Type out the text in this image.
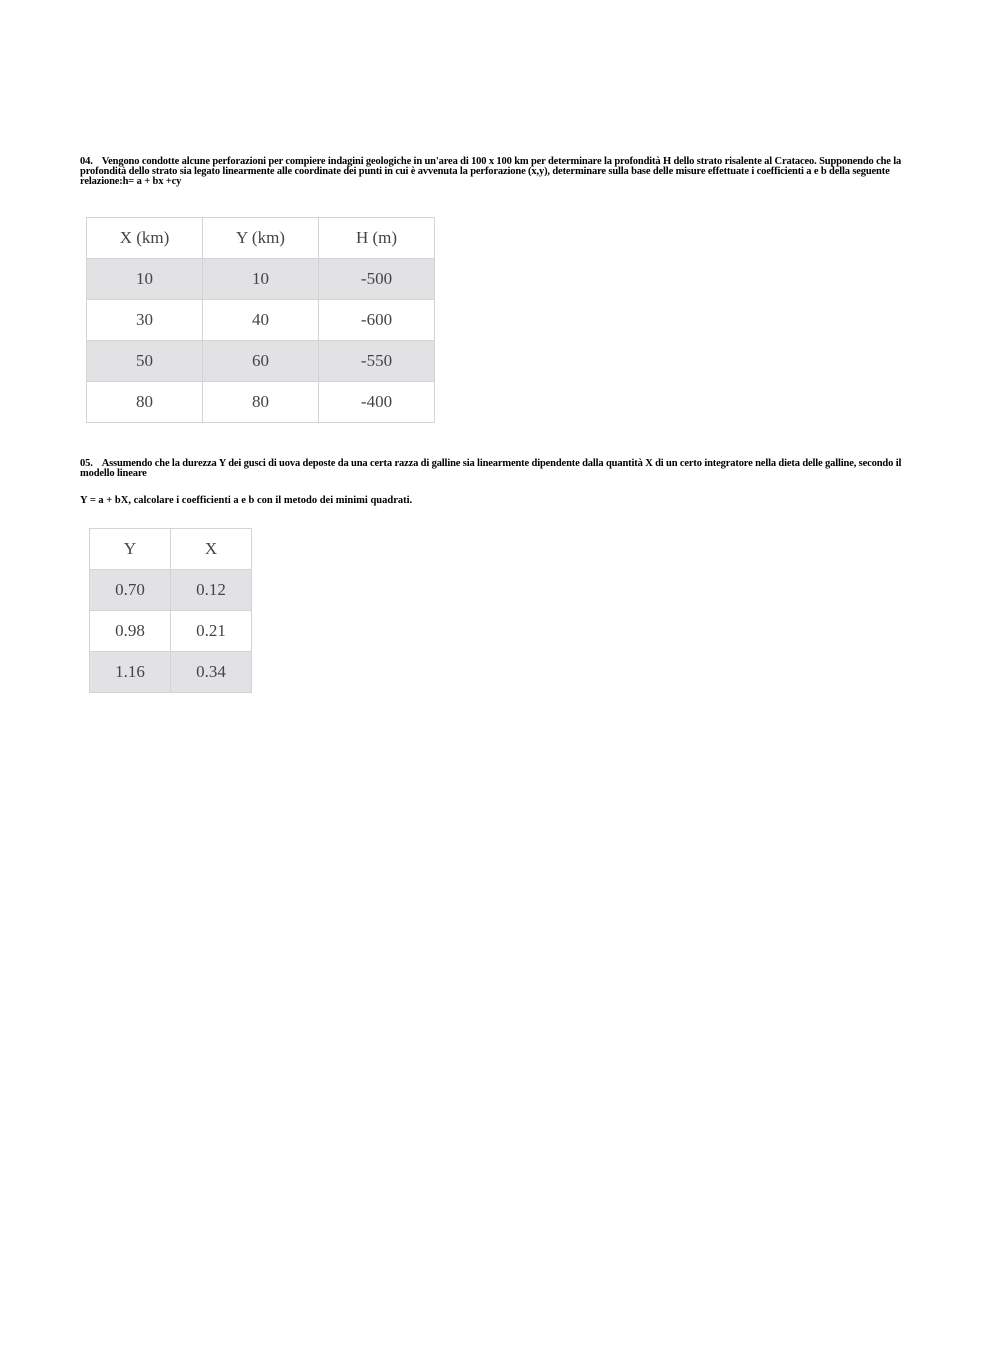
04. Vengono condotte alcune perforazioni per compiere indagini geologiche in un'area di 100 x 100 km per determinare la profondità H dello strato risalente al Crataceo. Supponendo che la profondità dello strato sia legato linearmente alle coordinate dei punti in cui è avvenuta la perforazione (x,y), determinare sulla base delle misure effettuate i coefficienti a e b della seguente relazione:h= a + bx +cy
X (km)	Y (km)	H (m)
10	10	-500
30	40	-600
50	60	-550
80	80	-400
05. Assumendo che la durezza Y dei gusci di uova deposte da una certa razza di galline sia linearmente dipendente dalla quantità X di un certo integratore nella dieta delle galline, secondo il modello lineare
Y = a + bX, calcolare i coefficienti a e b con il metodo dei minimi quadrati.
Y	X
0.70	0.12
0.98	0.21
1.16	0.34
